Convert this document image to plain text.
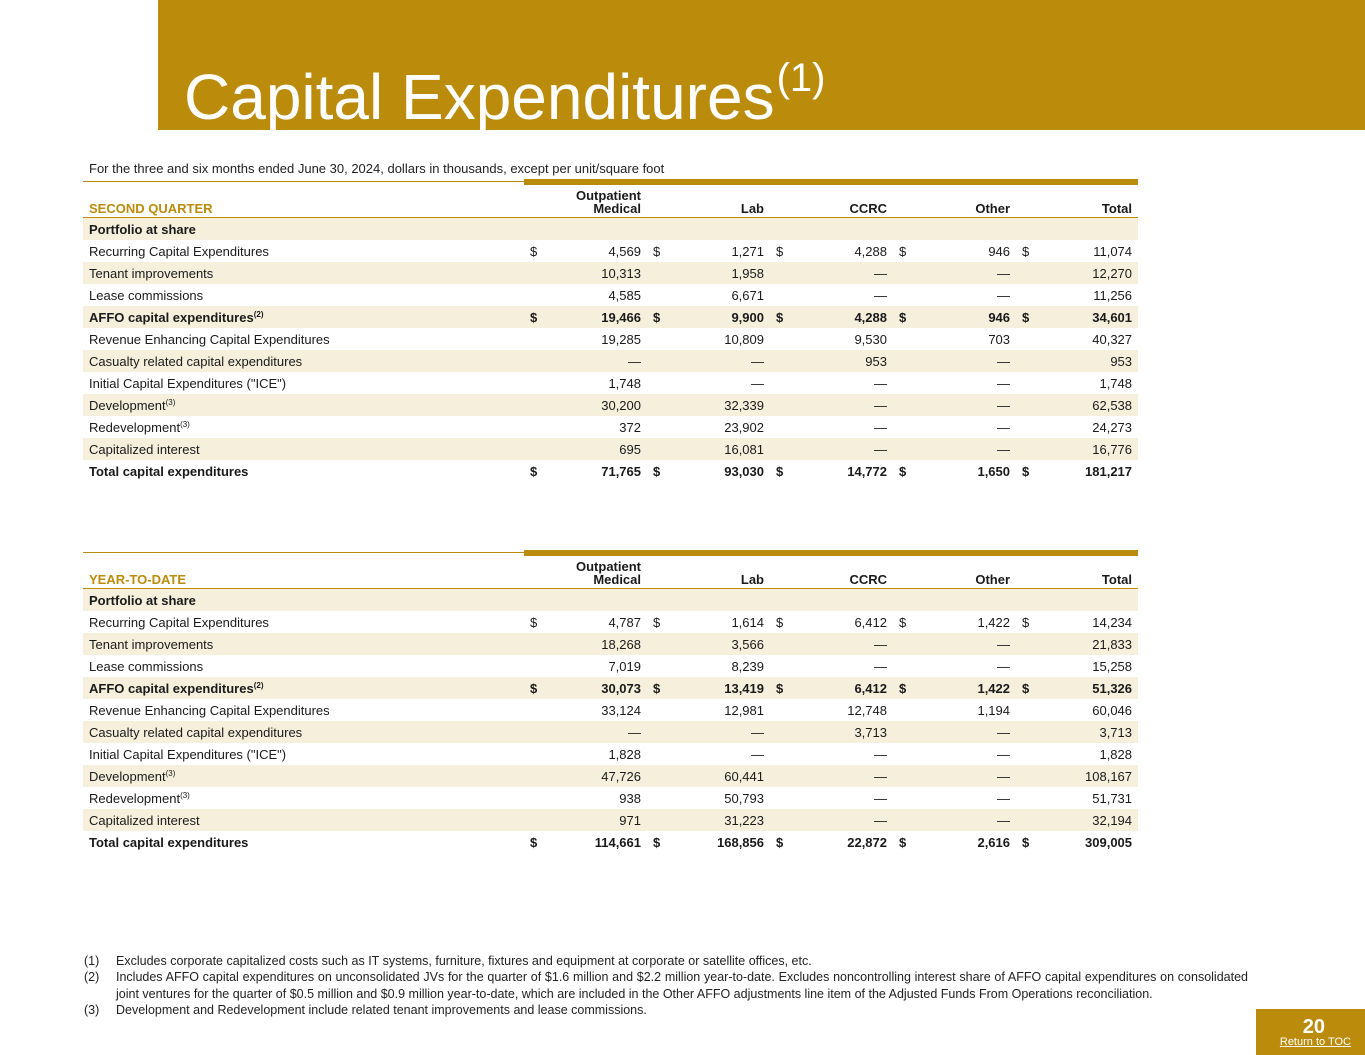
Capital Expenditures$^{(1)}$
For the three and six months ended June 30, 2024, dollars in thousands, except per unit/square foot
SECOND QUARTER	Outpatient
Medical		Lab		CCRC		Other		Total	

Portfolio at share										
Recurring Capital Expenditures	$	4,569	$	1,271	$	4,288	$	946	$	11,074
Tenant improvements		10,313		1,958		—		—		12,270
Lease commissions		4,585		6,671		—		—		11,256
AFFO capital expenditures$^{(2)}$	$	19,466	$	9,900	$	4,288	$	946	$	34,601
Revenue Enhancing Capital Expenditures		19,285		10,809		9,530		703		40,327
Casualty related capital expenditures		—		—		953		—		953
Initial Capital Expenditures ("ICE")		1,748		—		—		—		1,748
Development$^{(3)}$		30,200		32,339		—		—		62,538
Redevelopment$^{(3)}$		372		23,902		—		—		24,273
Capitalized interest		695		16,081		—		—		16,776
Total capital expenditures	$	71,765	$	93,030	$	14,772	$	1,650	$	181,217
YEAR-TO-DATE	Outpatient
Medical		Lab		CCRC		Other		Total	

Portfolio at share										
Recurring Capital Expenditures	$	4,787	$	1,614	$	6,412	$	1,422	$	14,234
Tenant improvements		18,268		3,566		—		—		21,833
Lease commissions		7,019		8,239		—		—		15,258
AFFO capital expenditures$^{(2)}$	$	30,073	$	13,419	$	6,412	$	1,422	$	51,326
Revenue Enhancing Capital Expenditures		33,124		12,981		12,748		1,194		60,046
Casualty related capital expenditures		—		—		3,713		—		3,713
Initial Capital Expenditures ("ICE")		1,828		—		—		—		1,828
Development$^{(3)}$		47,726		60,441		—		—		108,167
Redevelopment$^{(3)}$		938		50,793		—		—		51,731
Capitalized interest		971		31,223		—		—		32,194
Total capital expenditures	$	114,661	$	168,856	$	22,872	$	2,616	$	309,005
(1)	Excludes corporate capitalized costs such as IT systems, furniture, fixtures and equipment at corporate or satellite offices, etc.
(2)	Includes AFFO capital expenditures on unconsolidated JVs for the quarter of $1.6 million and $2.2 million year-to-date. Excludes noncontrolling interest share of AFFO capital expenditures on consolidated joint ventures for the quarter of $0.5 million and $0.9 million year-to-date, which are included in the Other AFFO adjustments line item of the Adjusted Funds From Operations reconciliation.
(3)	Development and Redevelopment include related tenant improvements and lease commissions.
20
Return to TOC
